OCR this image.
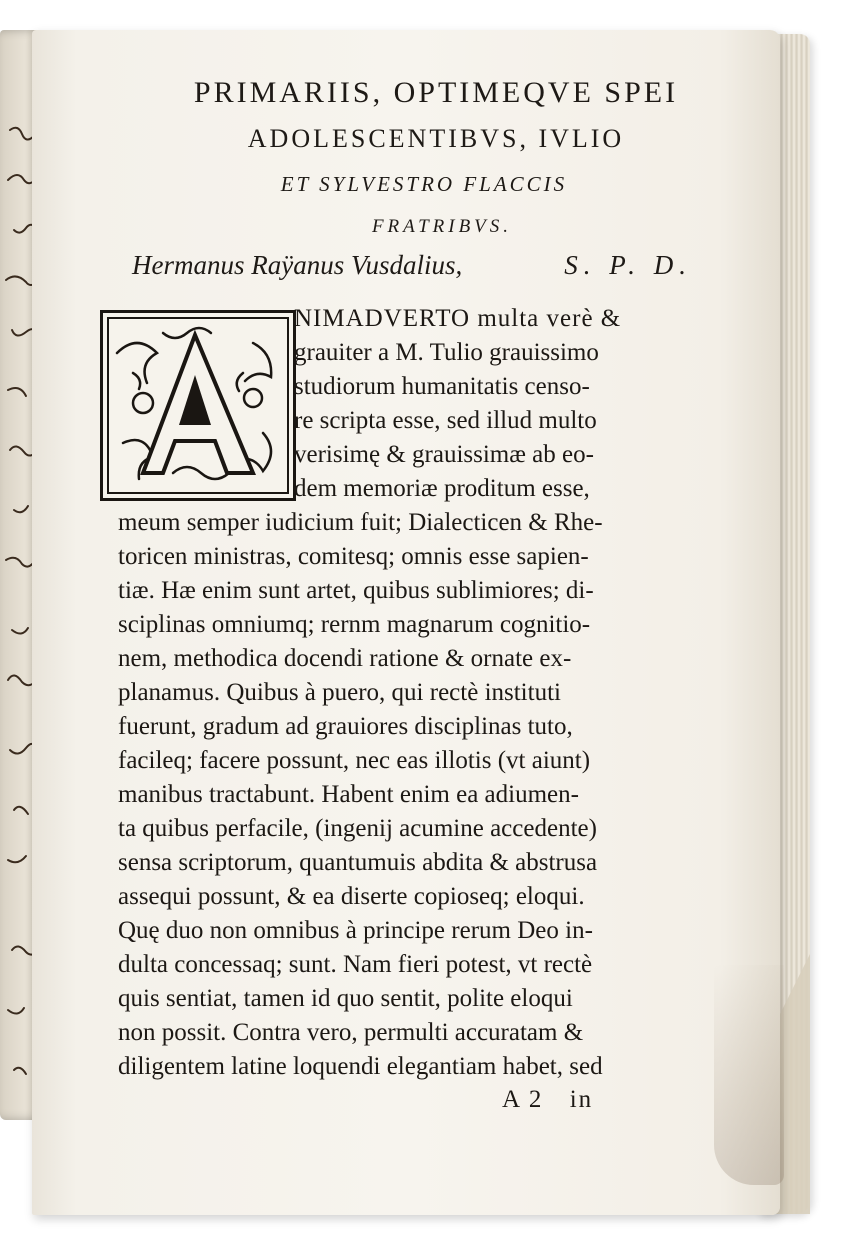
PRIMARIIS, OPTIMEQVE SPEI
ADOLESCENTIBVS, IVLIO
ET SYLVESTRO FLACCIS
FRATRIBVS.
Hermanus Raÿanus Vusdalius,	S. P. D.
NIMADVERTO multa verè &
grauiter a M. Tulio grauissimo
studiorum humanitatis censo-
re scripta esse, sed illud multo
verisimę & grauissimæ ab eo-
dem memoriæ proditum esse,
meum semper iudicium fuit; Dialecticen & Rhe-
toricen ministras, comitesq; omnis esse sapien-
tiæ. Hæ enim sunt artet, quibus sublimiores; di-
sciplinas omniumq; rernm magnarum cognitio-
nem, methodica docendi ratione & ornate ex-
planamus. Quibus à puero, qui rectè instituti
fuerunt, gradum ad grauiores disciplinas tuto,
facileq; facere possunt, nec eas illotis (vt aiunt)
manibus tractabunt. Habent enim ea adiumen-
ta quibus perfacile, (ingenij acumine accedente)
sensa scriptorum, quantumuis abdita & abstrusa
assequi possunt, & ea diserte copioseq; eloqui.
Quę duo non omnibus à principe rerum Deo in-
dulta concessaq; sunt. Nam fieri potest, vt rectè
quis sentiat, tamen id quo sentit, polite eloqui
non possit. Contra vero, permulti accuratam &
diligentem latine loquendi elegantiam habet, sed
A 2 in
